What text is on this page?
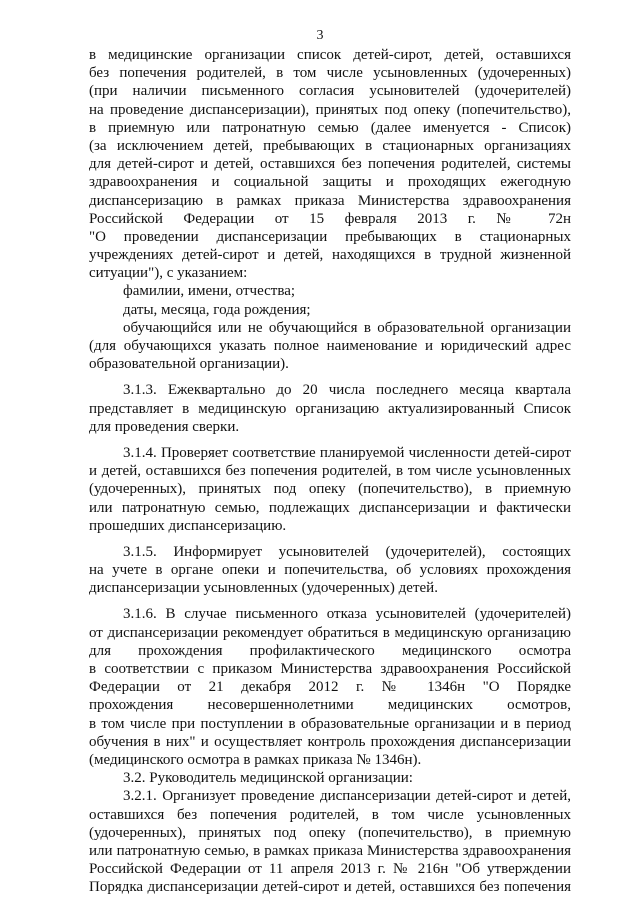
3
в медицинские организации список детей-сирот, детей, оставшихся
без попечения родителей, в том числе усыновленных (удочеренных)
(при наличии письменного согласия усыновителей (удочерителей)
на проведение диспансеризации), принятых под опеку (попечительство),
в приемную или патронатную семью (далее именуется - Список)
(за исключением детей, пребывающих в стационарных организациях
для детей-сирот и детей, оставшихся без попечения родителей, системы
здравоохранения и социальной защиты и проходящих ежегодную
диспансеризацию в рамках приказа Министерства здравоохранения
Российской Федерации от 15 февраля 2013 г. № 72н
"О проведении диспансеризации пребывающих в стационарных
учреждениях детей-сирот и детей, находящихся в трудной жизненной
ситуации"), с указанием:
фамилии, имени, отчества;
даты, месяца, года рождения;
обучающийся или не обучающийся в образовательной организации
(для обучающихся указать полное наименование и юридический адрес
образовательной организации).
3.1.3. Ежеквартально до 20 числа последнего месяца квартала
представляет в медицинскую организацию актуализированный Список
для проведения сверки.
3.1.4. Проверяет соответствие планируемой численности детей-сирот
и детей, оставшихся без попечения родителей, в том числе усыновленных
(удочеренных), принятых под опеку (попечительство), в приемную
или патронатную семью, подлежащих диспансеризации и фактически
прошедших диспансеризацию.
3.1.5. Информирует усыновителей (удочерителей), состоящих
на учете в органе опеки и попечительства, об условиях прохождения
диспансеризации усыновленных (удочеренных) детей.
3.1.6. В случае письменного отказа усыновителей (удочерителей)
от диспансеризации рекомендует обратиться в медицинскую организацию
для прохождения профилактического медицинского осмотра
в соответствии с приказом Министерства здравоохранения Российской
Федерации от 21 декабря 2012 г. № 1346н "О Порядке
прохождения несовершеннолетними медицинских осмотров,
в том числе при поступлении в образовательные организации и в период
обучения в них" и осуществляет контроль прохождения диспансеризации
(медицинского осмотра в рамках приказа № 1346н).
3.2. Руководитель медицинской организации:
3.2.1. Организует проведение диспансеризации детей-сирот и детей,
оставшихся без попечения родителей, в том числе усыновленных
(удочеренных), принятых под опеку (попечительство), в приемную
или патронатную семью, в рамках приказа Министерства здравоохранения
Российской Федерации от 11 апреля 2013 г. № 216н "Об утверждении
Порядка диспансеризации детей-сирот и детей, оставшихся без попечения
